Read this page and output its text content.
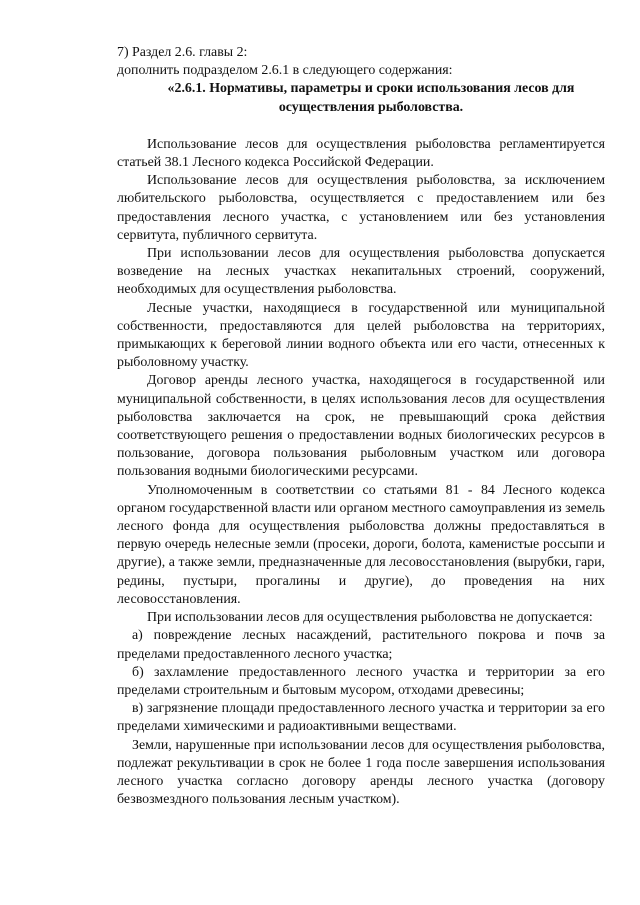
7) Раздел 2.6. главы 2:
дополнить подразделом 2.6.1 в следующего содержания:
«2.6.1. Нормативы, параметры и сроки использования лесов для
осуществления рыболовства.

Использование лесов для осуществления рыболовства регламентируется статьей 38.1 Лесного кодекса Российской Федерации.

Использование лесов для осуществления рыболовства, за исключением любительского рыболовства, осуществляется с предоставлением или без предоставления лесного участка, с установлением или без установления сервитута, публичного сервитута.

При использовании лесов для осуществления рыболовства допускается возведение на лесных участках некапитальных строений, сооружений, необходимых для осуществления рыболовства.

Лесные участки, находящиеся в государственной или муниципальной собственности, предоставляются для целей рыболовства на территориях, примыкающих к береговой линии водного объекта или его части, отнесенных к рыболовному участку.

Договор аренды лесного участка, находящегося в государственной или муниципальной собственности, в целях использования лесов для осуществления рыболовства заключается на срок, не превышающий срока действия соответствующего решения о предоставлении водных биологических ресурсов в пользование, договора пользования рыболовным участком или договора пользования водными биологическими ресурсами.

Уполномоченным в соответствии со статьями 81 - 84 Лесного кодекса органом государственной власти или органом местного самоуправления из земель лесного фонда для осуществления рыболовства должны предоставляться в первую очередь нелесные земли (просеки, дороги, болота, каменистые россыпи и другие), а также земли, предназначенные для лесовосстановления (вырубки, гари, редины, пустыри, прогалины и другие), до проведения на них лесовосстановления.

При использовании лесов для осуществления рыболовства не допускается:

а) повреждение лесных насаждений, растительного покрова и почв за пределами предоставленного лесного участка;

б) захламление предоставленного лесного участка и территории за его пределами строительным и бытовым мусором, отходами древесины;

в) загрязнение площади предоставленного лесного участка и территории за его пределами химическими и радиоактивными веществами.

Земли, нарушенные при использовании лесов для осуществления рыболовства, подлежат рекультивации в срок не более 1 года после завершения использования лесного участка согласно договору аренды лесного участка (договору безвозмездного пользования лесным участком).
